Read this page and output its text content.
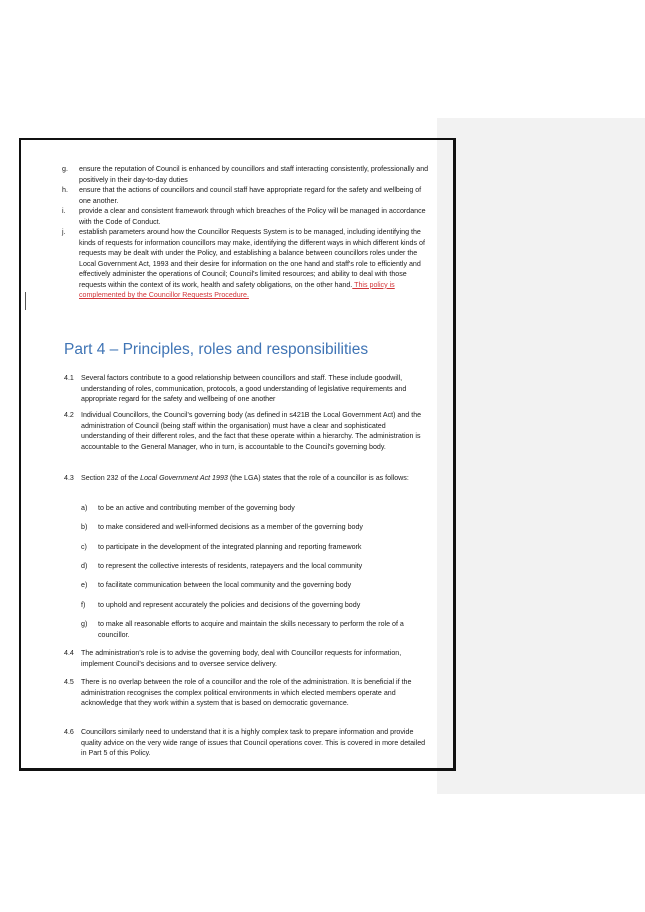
g.	ensure the reputation of Council is enhanced by councillors and staff interacting consistently, professionally and positively in their day-to-day duties
h.	ensure that the actions of councillors and council staff have appropriate regard for the safety and wellbeing of one another.
i.	provide a clear and consistent framework through which breaches of the Policy will be managed in accordance with the Code of Conduct.
j.	establish parameters around how the Councillor Requests System is to be managed, including identifying the kinds of requests for information councillors may make, identifying the different ways in which different kinds of requests may be dealt with under the Policy, and establishing a balance between councillors roles under the Local Government Act, 1993 and their desire for information on the one hand and staff's role to efficiently and effectively administer the operations of Council; Council's limited resources; and ability to deal with those requests within the context of its work, health and safety obligations, on the other hand. This policy is complemented by the Councillor Requests Procedure.
Part 4 – Principles, roles and responsibilities
4.1	Several factors contribute to a good relationship between councillors and staff. These include goodwill, understanding of roles, communication, protocols, a good understanding of legislative requirements and appropriate regard for the safety and wellbeing of one another
4.2	Individual Councillors, the Council's governing body (as defined in s421B the Local Government Act) and the administration of Council (being staff within the organisation) must have a clear and sophisticated understanding of their different roles, and the fact that these operate within a hierarchy. The administration is accountable to the General Manager, who in turn, is accountable to the Council's governing body.
4.3	Section 232 of the Local Government Act 1993 (the LGA) states that the role of a councillor is as follows:
a)	to be an active and contributing member of the governing body
b)	to make considered and well-informed decisions as a member of the governing body
c)	to participate in the development of the integrated planning and reporting framework
d)	to represent the collective interests of residents, ratepayers and the local community
e)	to facilitate communication between the local community and the governing body
f)	to uphold and represent accurately the policies and decisions of the governing body
g)	to make all reasonable efforts to acquire and maintain the skills necessary to perform the role of a councillor.
4.4	The administration's role is to advise the governing body, deal with Councillor requests for information, implement Council's decisions and to oversee service delivery.
4.5	There is no overlap between the role of a councillor and the role of the administration. It is beneficial if the administration recognises the complex political environments in which elected members operate and acknowledge that they work within a system that is based on democratic governance.
4.6	Councillors similarly need to understand that it is a highly complex task to prepare information and provide quality advice on the very wide range of issues that Council operations cover. This is covered in more detailed in Part 5 of this Policy.
